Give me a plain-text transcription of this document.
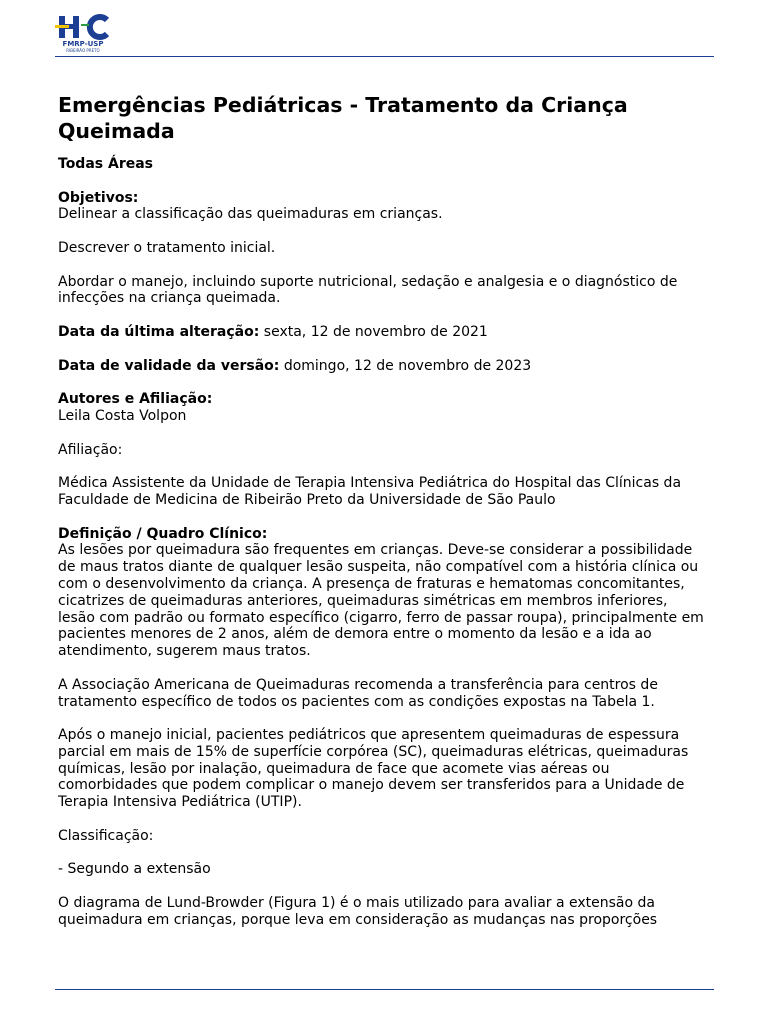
FMRP-USP
RIBEIRÃO PRETO
Emergências Pediátricas - Tratamento da Criança Queimada

Todas Áreas

Objetivos:

Delinear a classificação das queimaduras em crianças.

Descrever o tratamento inicial.

Abordar o manejo, incluindo suporte nutricional, sedação e analgesia e o diagnóstico de infecções na criança queimada.

Data da última alteração: sexta, 12 de novembro de 2021

Data de validade da versão: domingo, 12 de novembro de 2023

Autores e Afiliação:

Leila Costa Volpon

Afiliação:

Médica Assistente da Unidade de Terapia Intensiva Pediátrica do Hospital das Clínicas da Faculdade de Medicina de Ribeirão Preto da Universidade de São Paulo

Definição / Quadro Clínico:

As lesões por queimadura são frequentes em crianças. Deve-se considerar a possibilidade de maus tratos diante de qualquer lesão suspeita, não compatível com a história clínica ou com o desenvolvimento da criança. A presença de fraturas e hematomas concomitantes, cicatrizes de queimaduras anteriores, queimaduras simétricas em membros inferiores, lesão com padrão ou formato específico (cigarro, ferro de passar roupa), principalmente em pacientes menores de 2 anos, além de demora entre o momento da lesão e a ida ao atendimento, sugerem maus tratos.

A Associação Americana de Queimaduras recomenda a transferência para centros de tratamento específico de todos os pacientes com as condições expostas na Tabela 1.

Após o manejo inicial, pacientes pediátricos que apresentem queimaduras de espessura parcial em mais de 15% de superfície corpórea (SC), queimaduras elétricas, queimaduras químicas, lesão por inalação, queimadura de face que acomete vias aéreas ou comorbidades que podem complicar o manejo devem ser transferidos para a Unidade de Terapia Intensiva Pediátrica (UTIP).

Classificação:

- Segundo a extensão

O diagrama de Lund-Browder (Figura 1) é o mais utilizado para avaliar a extensão da queimadura em crianças, porque leva em consideração as mudanças nas proporções
